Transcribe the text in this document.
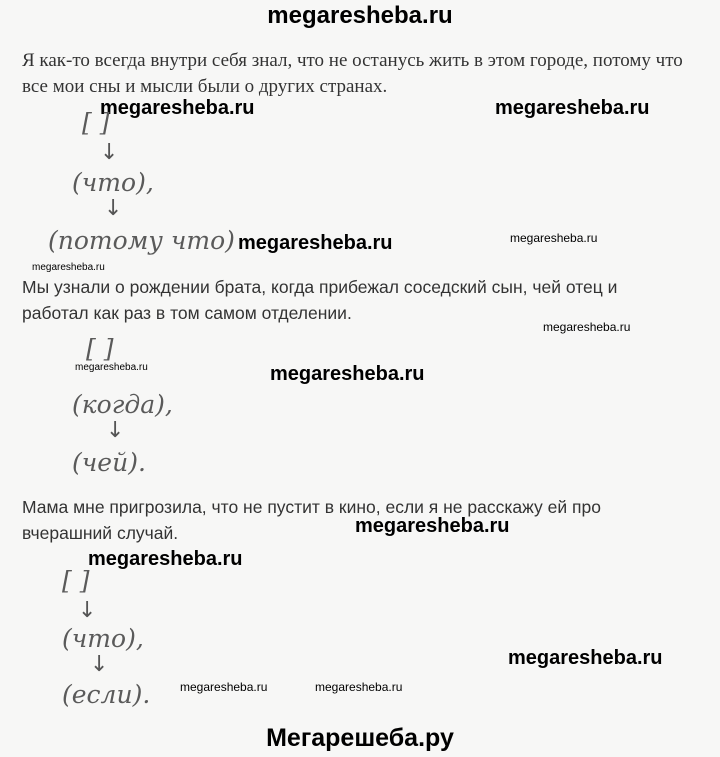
megaresheba.ru
Мегарешеба.ру
Я как-то всегда внутри себя знал, что не останусь жить в этом городе, потому что все мои сны и мысли были о других странах.
megaresheba.ru	megaresheba.ru
[ ]
↓
(что),
↓
(потому что) megaresheba.ru	megaresheba.ru
megaresheba.ru
Мы узнали о рождении брата, когда прибежал соседский сын, чей отец и работал как раз в том самом отделении.
megaresheba.ru
[ ]
megaresheba.ru	megaresheba.ru
(когда),
↓
(чей).
Мама мне пригрозила, что не пустит в кино, если я не расскажу ей про вчерашний случай.	megaresheba.ru
megaresheba.ru
[ ]
↓
(что),
↓
(если).
megaresheba.ru
megaresheba.ru	megaresheba.ru
